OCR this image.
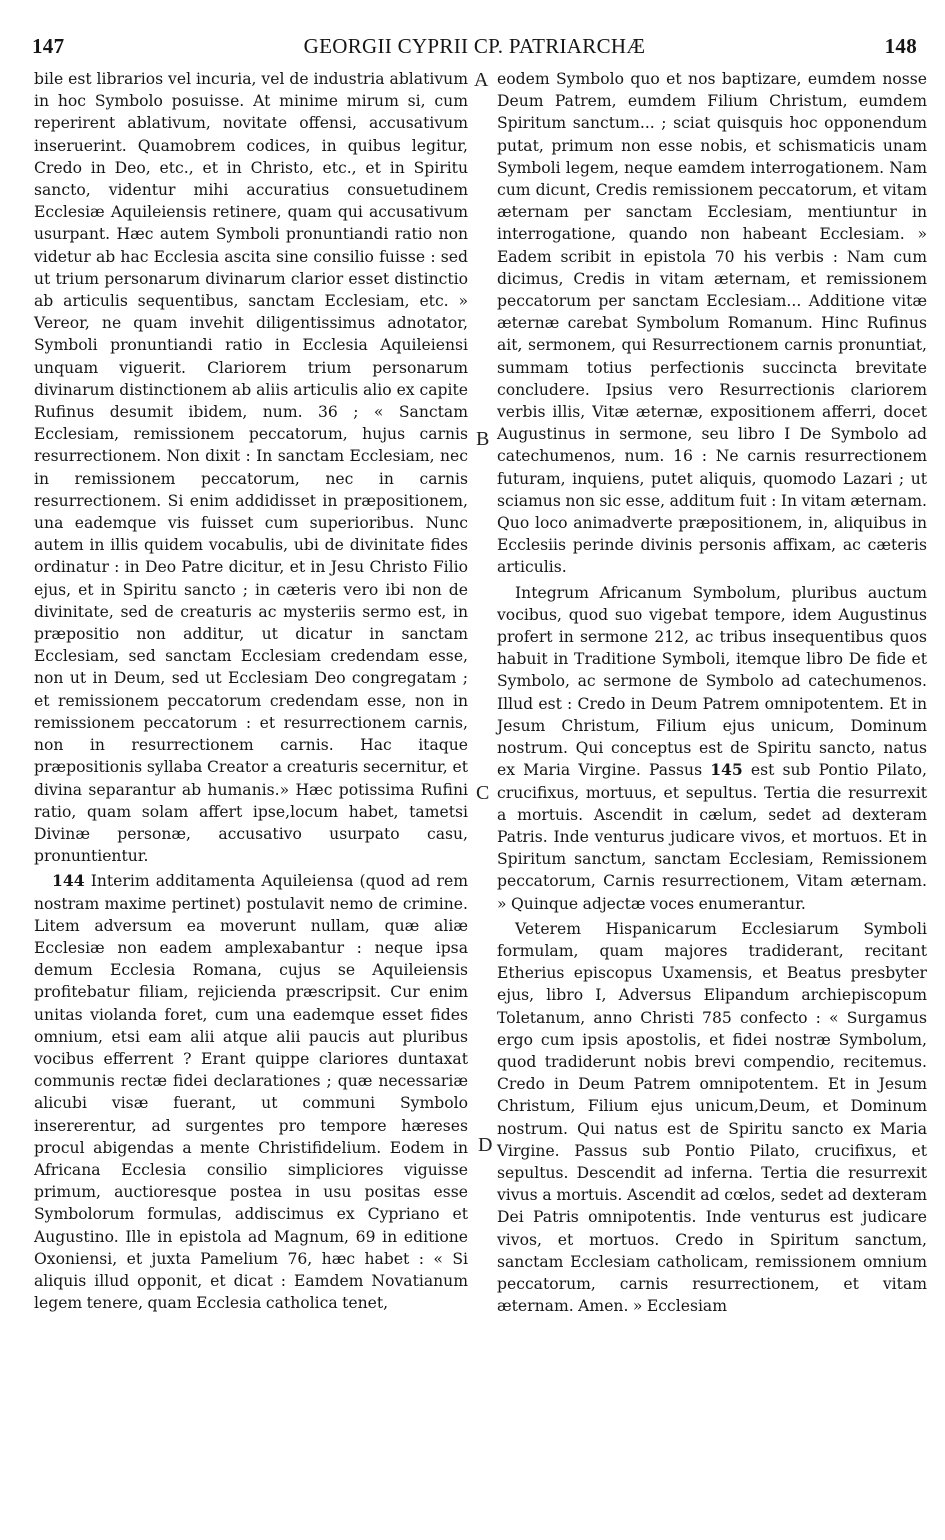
147	GEORGII CYPRII CP. PATRIARCHÆ	148

bile est librarios vel incuria, vel de industria ablativum in hoc Symbolo posuisse. At minime mirum si, cum reperirent ablativum, novitate offensi, accusativum inseruerint. Quamobrem codices, in quibus legitur, Credo in Deo, etc., et in Christo, etc., et in Spiritu sancto, videntur mihi accuratius consuetudinem Ecclesiæ Aquileiensis retinere, quam qui accusativum usurpant. Hæc autem Symboli pronuntiandi ratio non videtur ab hac Ecclesia ascita sine consilio fuisse : sed ut trium personarum divinarum clarior esset distinctio ab articulis sequentibus, sanctam Ecclesiam, etc. » Vereor, ne quam invehit diligentissimus adnotator, Symboli pronuntiandi ratio in Ecclesia Aquileiensi unquam viguerit. Clariorem trium personarum divinarum distinctionem ab aliis articulis alio ex capite Rufinus desumit ibidem, num. 36 ; « Sanctam Ecclesiam, remissionem peccatorum, hujus carnis resurrectionem. Non dixit : In sanctam Ecclesiam, nec in remissionem peccatorum, nec in carnis resurrectionem. Si enim addidisset in præpositionem, una eademque vis fuisset cum superioribus. Nunc autem in illis quidem vocabulis, ubi de divinitate fides ordinatur : in Deo Patre dicitur, et in Jesu Christo Filio ejus, et in Spiritu sancto ; in cæteris vero ibi non de divinitate, sed de creaturis ac mysteriis sermo est, in præpositio non additur, ut dicatur in sanctam Ecclesiam, sed sanctam Ecclesiam credendam esse, non ut in Deum, sed ut Ecclesiam Deo congregatam ; et remissionem peccatorum credendam esse, non in remissionem peccatorum : et resurrectionem carnis, non in resurrectionem carnis. Hac itaque præpositionis syllaba Creator a creaturis secernitur, et divina separantur ab humanis.» Hæc potissima Rufini ratio, quam solam affert ipse,locum habet, tametsi Divinæ personæ, accusativo usurpato casu, pronuntientur.

144 Interim additamenta Aquileiensa (quod ad rem nostram maxime pertinet) postulavit nemo de crimine. Litem adversum ea moverunt nullam, quæ aliæ Ecclesiæ non eadem amplexabantur : neque ipsa demum Ecclesia Romana, cujus se Aquileiensis profitebatur filiam, rejicienda præscripsit. Cur enim unitas violanda foret, cum una eademque esset fides omnium, etsi eam alii atque alii paucis aut pluribus vocibus efferrent ? Erant quippe clariores duntaxat communis rectæ fidei declarationes ; quæ necessariæ alicubi visæ fuerant, ut communi Symbolo insererentur, ad surgentes pro tempore hæreses procul abigendas a mente Christifidelium. Eodem in Africana Ecclesia consilio simpliciores viguisse primum, auctioresque postea in usu positas esse Symbolorum formulas, addiscimus ex Cypriano et Augustino. Ille in epistola ad Magnum, 69 in editione Oxoniensi, et juxta Pamelium 76, hæc habet : « Si aliquis illud opponit, et dicat : Eamdem Novatianum legem tenere, quam Ecclesia catholica tenet,

A
B
C
D

eodem Symbolo quo et nos baptizare, eumdem nosse Deum Patrem, eumdem Filium Christum, eumdem Spiritum sanctum... ; sciat quisquis hoc opponendum putat, primum non esse nobis, et schismaticis unam Symboli legem, neque eamdem interrogationem. Nam cum dicunt, Credis remissionem peccatorum, et vitam æternam per sanctam Ecclesiam, mentiuntur in interrogatione, quando non habeant Ecclesiam. » Eadem scribit in epistola 70 his verbis : Nam cum dicimus, Credis in vitam æternam, et remissionem peccatorum per sanctam Ecclesiam... Additione vitæ æternæ carebat Symbolum Romanum. Hinc Rufinus ait, sermonem, qui Resurrectionem carnis pronuntiat, summam totius perfectionis succincta brevitate concludere. Ipsius vero Resurrectionis clariorem verbis illis, Vitæ æternæ, expositionem afferri, docet Augustinus in sermone, seu libro I De Symbolo ad catechumenos, num. 16 : Ne carnis resurrectionem futuram, inquiens, putet aliquis, quomodo Lazari ; ut sciamus non sic esse, additum fuit : In vitam æternam. Quo loco animadverte præpositionem, in, aliquibus in Ecclesiis perinde divinis personis affixam, ac cæteris articulis.

Integrum Africanum Symbolum, pluribus auctum vocibus, quod suo vigebat tempore, idem Augustinus profert in sermone 212, ac tribus insequentibus quos habuit in Traditione Symboli, itemque libro De fide et Symbolo, ac sermone de Symbolo ad catechumenos. Illud est : Credo in Deum Patrem omnipotentem. Et in Jesum Christum, Filium ejus unicum, Dominum nostrum. Qui conceptus est de Spiritu sancto, natus ex Maria Virgine. Passus 145 est sub Pontio Pilato, crucifixus, mortuus, et sepultus. Tertia die resurrexit a mortuis. Ascendit in cælum, sedet ad dexteram Patris. Inde venturus judicare vivos, et mortuos. Et in Spiritum sanctum, sanctam Ecclesiam, Remissionem peccatorum, Carnis resurrectionem, Vitam æternam. » Quinque adjectæ voces enumerantur.

Veterem Hispanicarum Ecclesiarum Symboli formulam, quam majores tradiderant, recitant Etherius episcopus Uxamensis, et Beatus presbyter ejus, libro I, Adversus Elipandum archiepiscopum Toletanum, anno Christi 785 confecto : « Surgamus ergo cum ipsis apostolis, et fidei nostræ Symbolum, quod tradiderunt nobis brevi compendio, recitemus. Credo in Deum Patrem omnipotentem. Et in Jesum Christum, Filium ejus unicum,Deum, et Dominum nostrum. Qui natus est de Spiritu sancto ex Maria Virgine. Passus sub Pontio Pilato, crucifixus, et sepultus. Descendit ad inferna. Tertia die resurrexit vivus a mortuis. Ascendit ad cœlos, sedet ad dexteram Dei Patris omnipotentis. Inde venturus est judicare vivos, et mortuos. Credo in Spiritum sanctum, sanctam Ecclesiam catholicam, remissionem omnium peccatorum, carnis resurrectionem, et vitam æternam. Amen. » Ecclesiam
